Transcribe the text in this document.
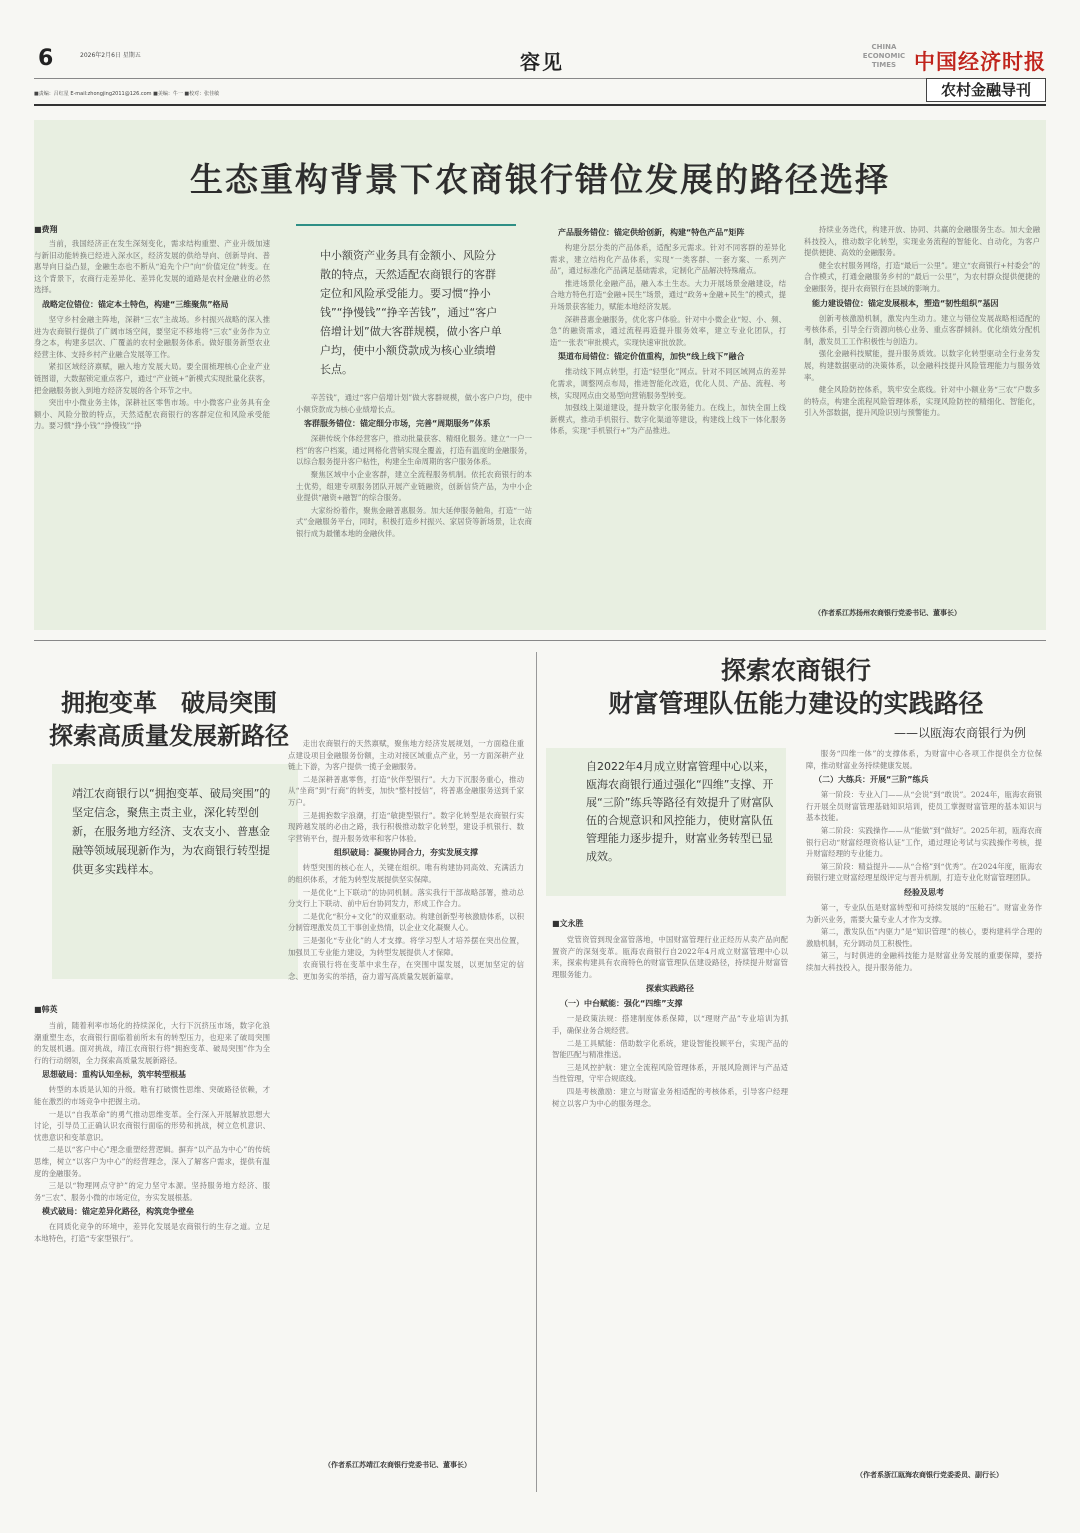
6	2026年2月6日 星期五	容见
CHINA
ECONOMIC
TIMES 中国经济时报
■责编：吕红星 E-mail:zhongjing2011@126.com ■美编：牛一 ■校对：张佳敏	农村金融导刊
生态重构背景下农商银行错位发展的路径选择
■费翔

当前，我国经济正在发生深刻变化，需求结构重塑、产业升级加速与新旧动能转换已经进入深水区，经济发展的供给导向、创新导向、普惠导向日益凸显，金融生态也不断从“追先个户”向“价值定位”转变。在这个背景下，农商行走差异化、差异化发展的道路是农村金融业的必然选择。

战略定位错位：锚定本土特色，构建“三维聚焦”格局

坚守乡村金融主阵地，深耕“三农”主战场。乡村振兴战略的深入推进为农商银行提供了广阔市场空间，要坚定不移地将“三农”业务作为立身之本，构建多层次、广覆盖的农村金融服务体系。做好服务新型农业经营主体、支持乡村产业融合发展等工作。

紧扣区域经济禀赋，融入地方发展大局。要全面梳理核心企业产业链图谱，大数据锁定重点客户，通过“产业链+”新模式实现批量化获客，把金融服务嵌入到地方经济发展的各个环节之中。

突出中小微业务主体，深耕社区零售市场。中小微客户业务具有金额小、风险分散的特点，天然适配农商银行的客群定位和风险承受能力。要习惯“挣小钱”“挣慢钱”“挣

中小额资产业务具有金额小、风险分散的特点，天然适配农商银行的客群定位和风险承受能力。要习惯“挣小钱”“挣慢钱”“挣辛苦钱”，通过“客户倍增计划”做大客群规模，做小客户单户均，使中小额贷款成为核心业绩增长点。

辛苦钱”，通过“客户倍增计划”做大客群规模，做小客户户均，使中小额贷款成为核心业绩增长点。

客群服务错位：锚定细分市场，完善“周期服务”体系

深耕传统个体经营客户，推动批量获客、精细化服务。建立“一户一档”的客户档案，通过网格化营销实现全覆盖，打造有温度的金融服务，以综合服务提升客户粘性，构建全生命周期的客户服务体系。

聚焦区域中小企业客群，建立全流程服务机制。依托农商银行的本土优势，组建专项服务团队开展产业链融资，创新信贷产品，为中小企业提供“融资+融智”的综合服务。

大家纷纷着作，聚焦金融普惠服务。加大延伸服务触角，打造“一站式”金融服务平台，同时，积极打造乡村振兴、家居贷等新场景，让农商银行成为最懂本地的金融伙伴。

产品服务错位：锚定供给创新，构建“特色产品”矩阵

构建分层分类的产品体系，适配多元需求。针对不同客群的差异化需求，建立结构化产品体系，实现“一类客群、一套方案、一系列产品”，通过标准化产品满足基础需求，定制化产品解决特殊痛点。

推进场景化金融产品，融入本土生态。大力开展场景金融建设，结合地方特色打造“金融+民生”场景，通过“政务+金融+民生”的模式，提升场景获客能力，赋能本地经济发展。

深耕普惠金融服务，优化客户体验。针对中小微企业“短、小、频、急”的融资需求，通过流程再造提升服务效率，建立专业化团队，打造“一张表”审批模式，实现快速审批放款。

渠道布局错位：锚定价值重构，加快“线上线下”融合

推动线下网点转型，打造“轻型化”网点。针对不同区域网点的差异化需求，调整网点布局，推进智能化改造，优化人员、产品、流程、考核，实现网点由交易型向营销服务型转变。

加强线上渠道建设，提升数字化服务能力。在线上，加快全面上线新模式，推动手机银行、数字化渠道等建设，构建线上线下一体化服务体系，实现“手机银行+”为产品推进。

持续业务迭代，构建开放、协同、共赢的金融服务生态。加大金融科技投入，推动数字化转型，实现业务流程的智能化、自动化，为客户提供便捷、高效的金融服务。

健全农村服务网络，打造“最后一公里”。建立“农商银行+村委会”的合作模式，打通金融服务乡村的“最后一公里”，为农村群众提供便捷的金融服务，提升农商银行在县域的影响力。

能力建设错位：锚定发展根本，塑造“韧性组织”基因

创新考核激励机制，激发内生动力。建立与错位发展战略相适配的考核体系，引导全行资源向核心业务、重点客群倾斜。优化绩效分配机制，激发员工工作积极性与创造力。

强化金融科技赋能，提升服务质效。以数字化转型驱动全行业务发展，构建数据驱动的决策体系，以金融科技提升风险管理能力与服务效率。

健全风险防控体系，筑牢安全底线。针对中小额业务“三农”户数多的特点，构建全流程风险管理体系，实现风险防控的精细化、智能化，引入外部数据，提升风险识别与预警能力。

（作者系江苏扬州农商银行党委书记、董事长）
拥抱变革　破局突围
探索高质量发展新路径
靖江农商银行以“拥抱变革、破局突围”的坚定信念，聚焦主责主业，深化转型创新，在服务地方经济、支农支小、普惠金融等领域展现新作为，为农商银行转型提供更多实践样本。
■韩英

当前，随着利率市场化的持续深化，大行下沉挤压市场，数字化浪潮重塑生态，农商银行面临着前所未有的转型压力，也迎来了破局突围的发展机遇。面对挑战，靖江农商银行将“拥抱变革、破局突围”作为全行的行动纲领，全力探索高质量发展新路径。

思想破局：重构认知坐标，筑牢转型根基

转型的本质是认知的升级。唯有打破惯性思维、突破路径依赖，才能在激烈的市场竞争中把握主动。

一是以“自我革命”的勇气推动思维变革。全行深入开展解放思想大讨论，引导员工正确认识农商银行面临的形势和挑战，树立危机意识、忧患意识和变革意识。

二是以“客户中心”理念重塑经营逻辑。摒弃“以产品为中心”的传统思维，树立“以客户为中心”的经营理念，深入了解客户需求，提供有温度的金融服务。

三是以“物理网点守护”的定力坚守本源。坚持服务地方经济、服务“三农”、服务小微的市场定位，夯实发展根基。

模式破局：锚定差异化路径，构筑竞争壁垒

在同质化竞争的环境中，差异化发展是农商银行的生存之道。立足本地特色，打造“专家型银行”。

走出农商银行的天然禀赋，聚焦地方经济发展规划，一方面稳住重点建设项目金融服务份额，主动对接区域重点产业，另一方面深耕产业链上下游，为客户提供一揽子金融服务。

二是深耕普惠零售，打造“伙伴型银行”。大力下沉服务重心，推动从“坐商”到“行商”的转变，加快“整村授信”，将普惠金融服务送到千家万户。

三是拥抱数字浪潮，打造“敏捷型银行”。数字化转型是农商银行实现跨越发展的必由之路，我行积极推动数字化转型，建设手机银行、数字营销平台，提升服务效率和客户体验。

组织破局：凝聚协同合力，夯实发展支撑

转型突围的核心在人，关键在组织。唯有构建协同高效、充满活力的组织体系，才能为转型发展提供坚实保障。

一是优化“上下联动”的协同机制。落实我行干部战略部署，推动总分支行上下联动、前中后台协同发力，形成工作合力。

二是优化“积分+文化”的双重驱动。构建创新型考核激励体系，以积分制管理激发员工干事创业热情，以企业文化凝聚人心。

三是强化“专业化”的人才支撑。将学习型人才培养摆在突出位置，加强员工专业能力建设，为转型发展提供人才保障。

农商银行将在变革中求生存，在突围中谋发展，以更加坚定的信念、更加务实的举措，奋力谱写高质量发展新篇章。

（作者系江苏靖江农商银行党委书记、董事长）
探索农商银行
财富管理队伍能力建设的实践路径
——以瓯海农商银行为例
自2022年4月成立财富管理中心以来，瓯海农商银行通过强化“四维”支撑、开展“三阶”练兵等路径有效提升了财富队伍的合规意识和风控能力，使财富队伍管理能力逐步提升，财富业务转型已显成效。
■文永胜

党管资管到现金富管落地，中国财富管理行业正经历从卖产品向配置资产的深刻变革。瓯海农商银行自2022年4月成立财富管理中心以来，探索构建具有农商特色的财富管理队伍建设路径，持续提升财富管理服务能力。

探索实践路径
（一）中台赋能：强化“四维”支撑

一是政策法规：搭建制度体系保障，以“理财产品”专业培训为抓手，确保业务合规经营。

二是工具赋能：借助数字化系统，建设智能投顾平台，实现产品的智能匹配与精准推送。

三是风控护航：建立全流程风险管理体系，开展风险测评与产品适当性管理，守牢合规底线。

四是考核激励：建立与财富业务相适配的考核体系，引导客户经理树立以客户为中心的服务理念。

服务“四维一体”的支撑体系，为财富中心各项工作提供全方位保障，推动财富业务持续健康发展。

（二）大练兵：开展“三阶”练兵

第一阶段：专业入门——从“会说”到“敢说”。2024年，瓯海农商银行开展全员财富管理基础知识培训，使员工掌握财富管理的基本知识与基本技能。

第二阶段：实践操作——从“能做”到“做好”。2025年初，瓯海农商银行启动“财富经理资格认证”工作，通过理论考试与实践操作考核，提升财富经理的专业能力。

第三阶段：精益提升——从“合格”到“优秀”。在2024年度，瓯海农商银行建立财富经理星级评定与晋升机制，打造专业化财富管理团队。

经验及思考

第一，专业队伍是财富转型和可持续发展的“压舱石”。财富业务作为新兴业务，需要大量专业人才作为支撑。

第二，激发队伍“内驱力”是“知识管理”的核心，要构建科学合理的激励机制，充分调动员工积极性。

第三，与时俱进的金融科技能力是财富业务发展的重要保障，要持续加大科技投入，提升服务能力。

（作者系浙江瓯海农商银行党委委员、副行长）
